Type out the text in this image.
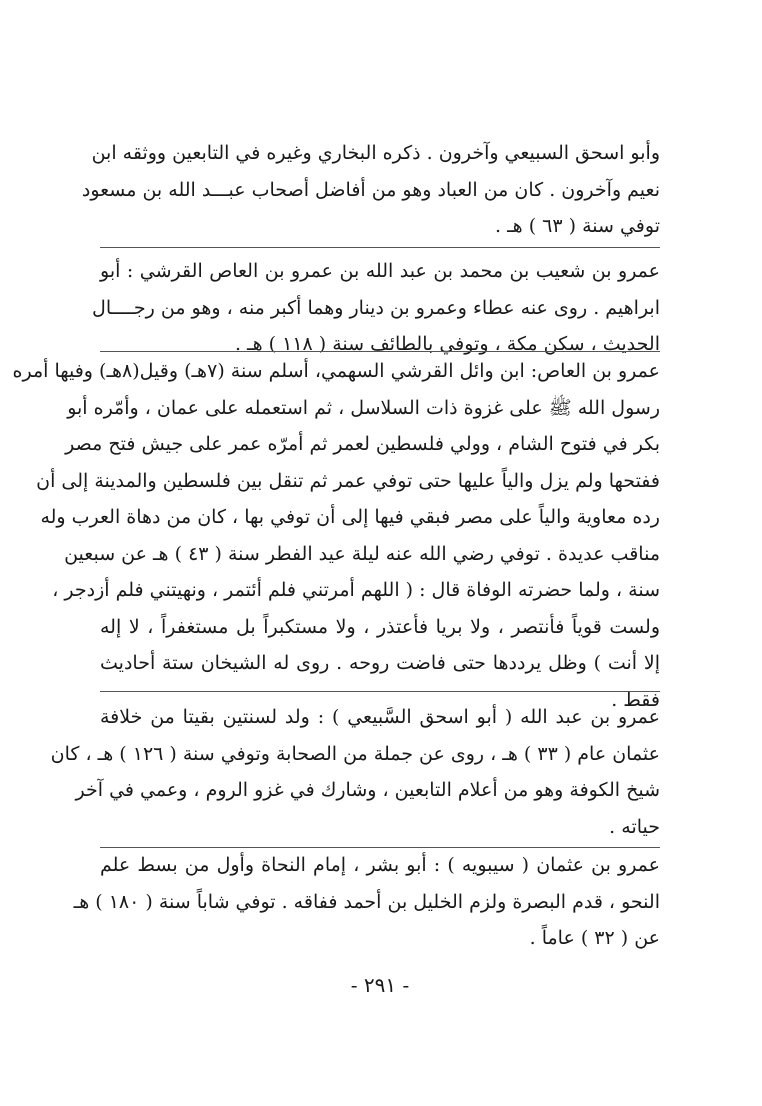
وأبو اسحق السبيعي وآخرون . ذكره البخاري وغيره في التابعين ووثقه ابن
نعيم وآخرون . كان من العباد وهو من أفاضل أصحاب عبـــد الله بن مسعود
توفي سنة ( ٦٣ ) هـ .
عمرو بن شعيب بن محمد بن عبد الله بن عمرو بن العاص القرشي : أبو
ابراهيم . روى عنه عطاء وعمرو بن دينار وهما أكبر منه ، وهو من رجــــال
الحديث ، سكن مكة ، وتوفي بالطائف سنة ( ١١٨ ) هـ .
عمرو بن العاص: ابن وائل القرشي السهمي، أسلم سنة (٧هـ) وقيل(٨هـ) وفيها أمره
رسول الله ﷺ على غزوة ذات السلاسل ، ثم استعمله على عمان ، وأمّره أبو
بكر في فتوح الشام ، وولي فلسطين لعمر ثم أمرّه عمر على جيش فتح مصر
ففتحها ولم يزل والياً عليها حتى توفي عمر ثم تنقل بين فلسطين والمدينة إلى أن
رده معاوية والياً على مصر فبقي فيها إلى أن توفي بها ، كان من دهاة العرب وله
مناقب عديدة . توفي رضي الله عنه ليلة عيد الفطر سنة ( ٤٣ ) هـ عن سبعين
سنة ، ولما حضرته الوفاة قال : ( اللهم أمرتني فلم أئتمر ، ونهيتني فلم أزدجر ،
ولست قوياً فأنتصر ، ولا بريا فأعتذر ، ولا مستكبراً بل مستغفراً ، لا إله
إلا أنت ) وظل يرددها حتى فاضت روحه . روى له الشيخان ستة أحاديث
فقط .
عمرو بن عبد الله ( أبو اسحق السَّبيعي ) : ولد لسنتين بقيتا من خلافة
عثمان عام ( ٣٣ ) هـ ، روى عن جملة من الصحابة وتوفي سنة ( ١٢٦ ) هـ ، كان
شيخ الكوفة وهو من أعلام التابعين ، وشارك في غزو الروم ، وعمي في آخر
حياته .
عمرو بن عثمان ( سيبويه ) : أبو بشر ، إمام النحاة وأول من بسط علم
النحو ، قدم البصرة ولزم الخليل بن أحمد ففاقه . توفي شاباً سنة ( ١٨٠ ) هـ
عن ( ٣٢ ) عاماً .
- ٢٩١ -
